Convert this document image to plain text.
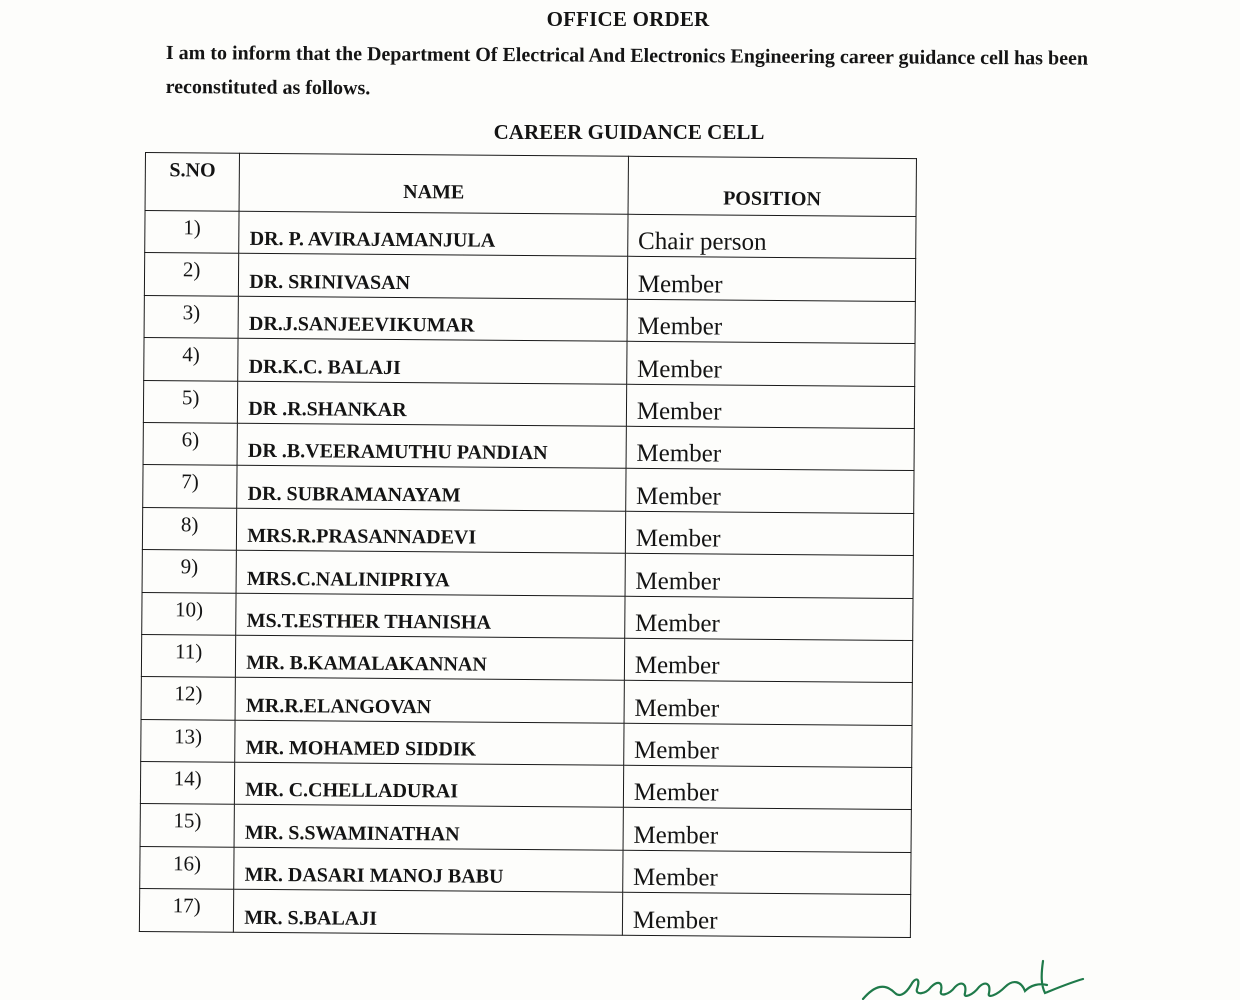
OFFICE ORDER
I am to inform that the Department Of Electrical And Electronics Engineering career guidance cell has been reconstituted as follows.
CAREER GUIDANCE CELL
S.NO	NAME	POSITION
1)	DR. P. AVIRAJAMANJULA	Chair person
2)	DR. SRINIVASAN	Member
3)	DR.J.SANJEEVIKUMAR	Member
4)	DR.K.C. BALAJI	Member
5)	DR .R.SHANKAR	Member
6)	DR .B.VEERAMUTHU PANDIAN	Member
7)	DR. SUBRAMANAYAM	Member
8)	MRS.R.PRASANNADEVI	Member
9)	MRS.C.NALINIPRIYA	Member
10)	MS.T.ESTHER THANISHA	Member
11)	MR. B.KAMALAKANNAN	Member
12)	MR.R.ELANGOVAN	Member
13)	MR. MOHAMED SIDDIK	Member
14)	MR. C.CHELLADURAI	Member
15)	MR. S.SWAMINATHAN	Member
16)	MR. DASARI MANOJ BABU	Member
17)	MR. S.BALAJI	Member
